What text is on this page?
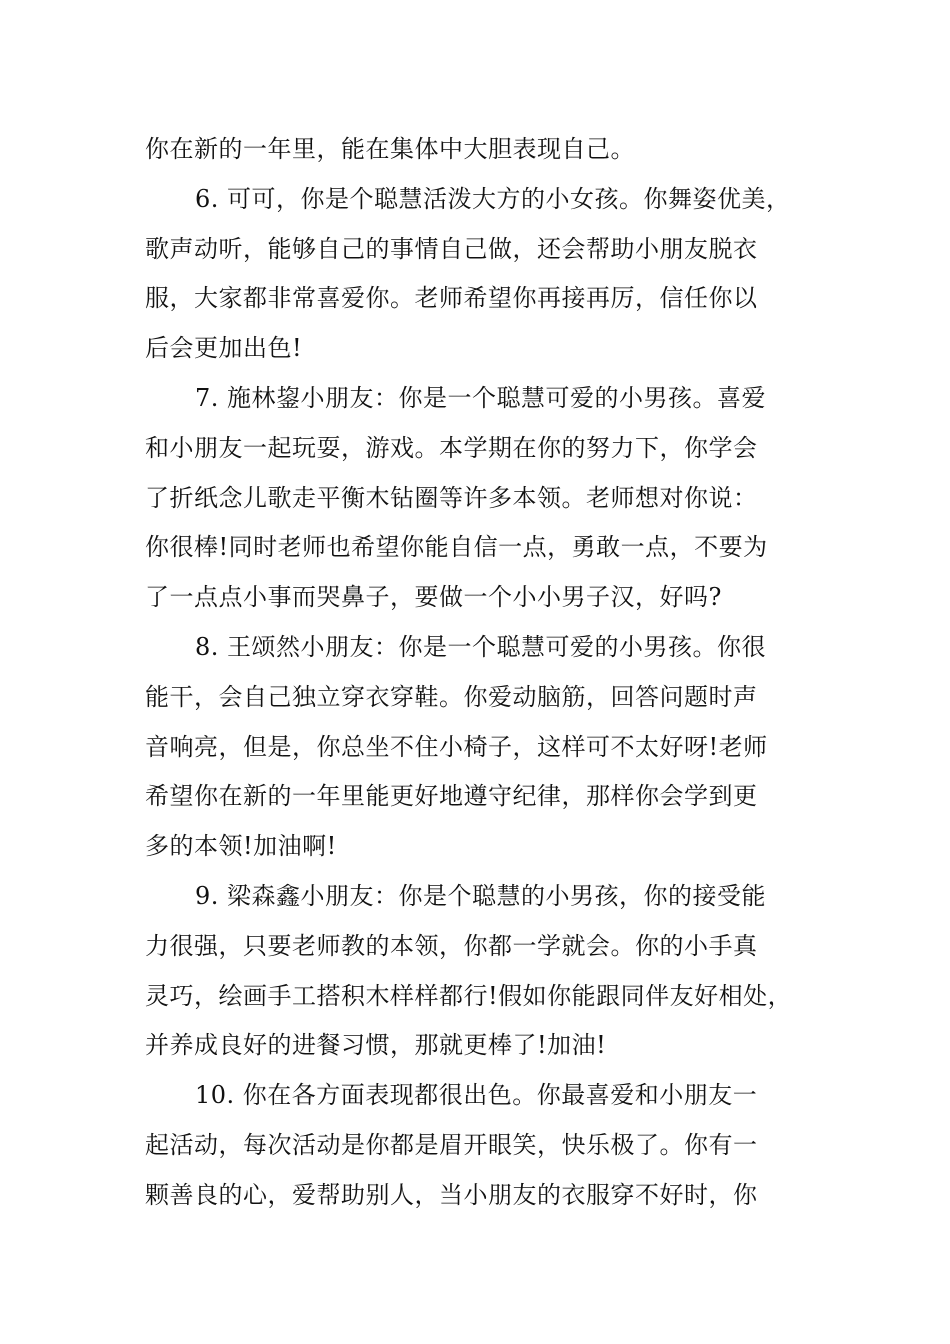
你在新的一年里，能在集体中大胆表现自己。
6. 可可，你是个聪慧活泼大方的小女孩。你舞姿优美，
歌声动听，能够自己的事情自己做，还会帮助小朋友脱衣
服，大家都非常喜爱你。老师希望你再接再厉，信任你以
后会更加出色!
7. 施林鋆小朋友：你是一个聪慧可爱的小男孩。喜爱
和小朋友一起玩耍，游戏。本学期在你的努力下，你学会
了折纸念儿歌走平衡木钻圈等许多本领。老师想对你说：
你很棒!同时老师也希望你能自信一点，勇敢一点，不要为
了一点点小事而哭鼻子，要做一个小小男子汉，好吗?
8. 王颂然小朋友：你是一个聪慧可爱的小男孩。你很
能干，会自己独立穿衣穿鞋。你爱动脑筋，回答问题时声
音响亮，但是，你总坐不住小椅子，这样可不太好呀!老师
希望你在新的一年里能更好地遵守纪律，那样你会学到更
多的本领!加油啊!
9. 梁森鑫小朋友：你是个聪慧的小男孩，你的接受能
力很强，只要老师教的本领，你都一学就会。你的小手真
灵巧，绘画手工搭积木样样都行!假如你能跟同伴友好相处，
并养成良好的进餐习惯，那就更棒了!加油!
10. 你在各方面表现都很出色。你最喜爱和小朋友一
起活动，每次活动是你都是眉开眼笑，快乐极了。你有一
颗善良的心，爱帮助别人，当小朋友的衣服穿不好时，你
